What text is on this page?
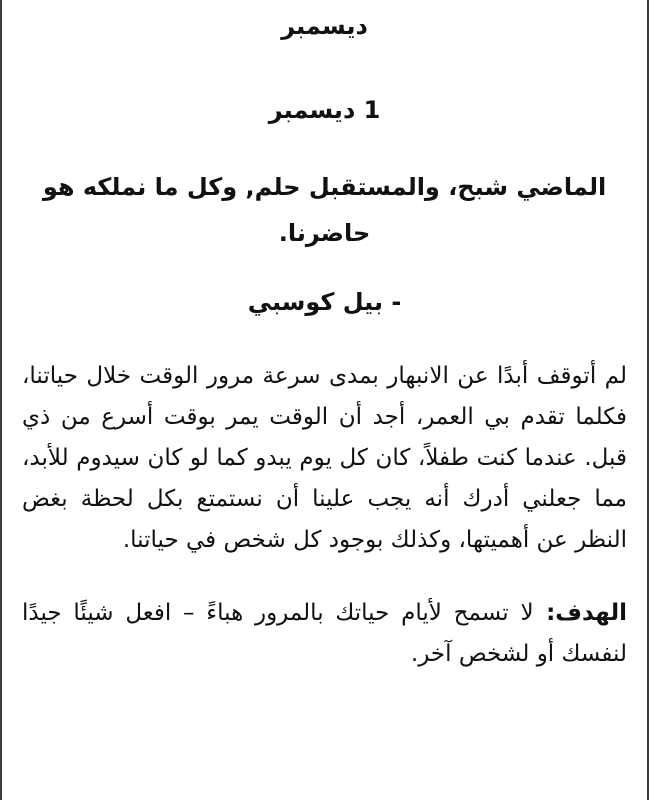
ديسمبر
1 ديسمبر
الماضي شبح، والمستقبل حلم, وكل ما نملكه هو حاضرنا.
- بيل كوسبي
لم أتوقف أبدًا عن الانبهار بمدى سرعة مرور الوقت خلال حياتنا، فكلما تقدم بي العمر، أجد أن الوقت يمر بوقت أسرع من ذي قبل. عندما كنت طفلاً، كان كل يوم يبدو كما لو كان سيدوم للأبد، مما جعلني أدرك أنه يجب علينا أن نستمتع بكل لحظة بغض النظر عن أهميتها، وكذلك بوجود كل شخص في حياتنا.
الهدف: لا تسمح لأيام حياتك بالمرور هباءً – افعل شيئًا جيدًا لنفسك أو لشخص آخر.
